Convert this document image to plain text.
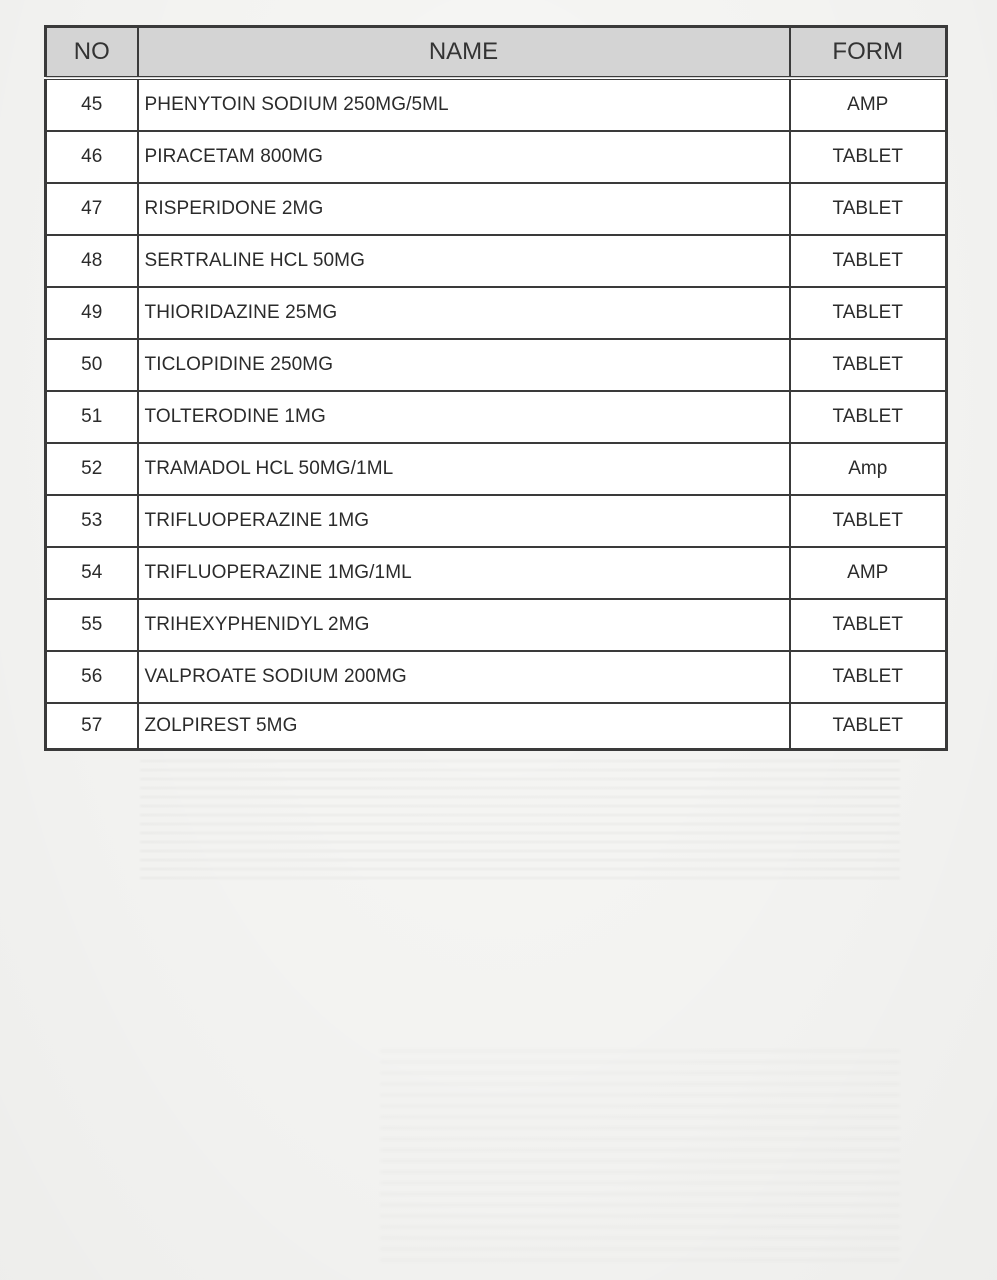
NO	NAME	FORM
45	PHENYTOIN SODIUM 250MG/5ML	AMP
46	PIRACETAM 800MG	TABLET
47	RISPERIDONE 2MG	TABLET
48	SERTRALINE HCL 50MG	TABLET
49	THIORIDAZINE 25MG	TABLET
50	TICLOPIDINE 250MG	TABLET
51	TOLTERODINE 1MG	TABLET
52	TRAMADOL HCL 50MG/1ML	Amp
53	TRIFLUOPERAZINE 1MG	TABLET
54	TRIFLUOPERAZINE 1MG/1ML	AMP
55	TRIHEXYPHENIDYL 2MG	TABLET
56	VALPROATE SODIUM 200MG	TABLET
57	ZOLPIREST 5MG	TABLET
